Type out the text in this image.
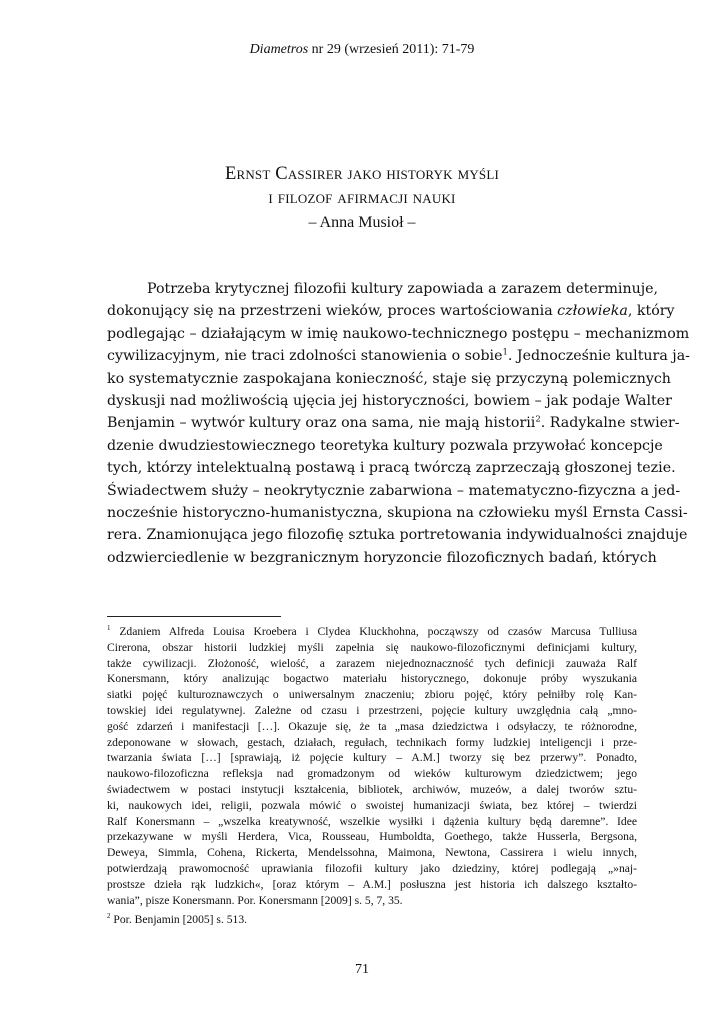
Diametros nr 29 (wrzesień 2011): 71-79
Ernst Cassirer jako historyk myśli
i filozof afirmacji nauki
– Anna Musioł –
Potrzeba krytycznej filozofii kultury zapowiada a zarazem determinuje,
dokonujący się na przestrzeni wieków, proces wartościowania człowieka, który
podlegając – działającym w imię naukowo-technicznego postępu – mechanizmom
cywilizacyjnym, nie traci zdolności stanowienia o sobie$^1$. Jednocześnie kultura ja-
ko systematycznie zaspokajana konieczność, staje się przyczyną polemicznych
dyskusji nad możliwością ujęcia jej historyczności, bowiem – jak podaje Walter
Benjamin – wytwór kultury oraz ona sama, nie mają historii$^2$. Radykalne stwier-
dzenie dwudziestowiecznego teoretyka kultury pozwala przywołać koncepcje
tych, którzy intelektualną postawą i pracą twórczą zaprzeczają głoszonej tezie.
Świadectwem służy – neokrytycznie zabarwiona – matematyczno-fizyczna a jed-
nocześnie historyczno-humanistyczna, skupiona na człowieku myśl Ernsta Cassi-
rera. Znamionująca jego filozofię sztuka portretowania indywidualności znajduje
odzwierciedlenie w bezgranicznym horyzoncie filozoficznych badań, których
$^1$ Zdaniem Alfreda Louisa Kroebera i Clydea Kluckhohna, począwszy od czasów Marcusa Tulliusa
Cirerona, obszar historii ludzkiej myśli zapełnia się naukowo-filozoficznymi definicjami kultury,
także cywilizacji. Złożoność, wielość, a zarazem niejednoznaczność tych definicji zauważa Ralf
Konersmann, który analizując bogactwo materiału historycznego, dokonuje próby wyszukania
siatki pojęć kulturoznawczych o uniwersalnym znaczeniu; zbioru pojęć, który pełniłby rolę Kan-
towskiej idei regulatywnej. Zależne od czasu i przestrzeni, pojęcie kultury uwzględnia całą „mno-
gość zdarzeń i manifestacji […]. Okazuje się, że ta „masa dziedzictwa i odsyłaczy, te różnorodne,
zdeponowane w słowach, gestach, działach, regułach, technikach formy ludzkiej inteligencji i prze-
twarzania świata […] [sprawiają, iż pojęcie kultury – A.M.] tworzy się bez przerwy”. Ponadto,
naukowo-filozoficzna refleksja nad gromadzonym od wieków kulturowym dziedzictwem; jego
świadectwem w postaci instytucji kształcenia, bibliotek, archiwów, muzeów, a dalej tworów sztu-
ki, naukowych idei, religii, pozwala mówić o swoistej humanizacji świata, bez której – twierdzi
Ralf Konersmann – „wszelka kreatywność, wszelkie wysiłki i dążenia kultury będą daremne”. Idee
przekazywane w myśli Herdera, Vica, Rousseau, Humboldta, Goethego, także Husserla, Bergsona,
Deweya, Simmla, Cohena, Rickerta, Mendelssohna, Maimona, Newtona, Cassirera i wielu innych,
potwierdzają prawomocność uprawiania filozofii kultury jako dziedziny, której podlegają „»naj-
prostsze dzieła rąk ludzkich«, [oraz którym – A.M.] posłuszna jest historia ich dalszego kształto-
wania”, pisze Konersmann. Por. Konersmann [2009] s. 5, 7, 35.
$^2$ Por. Benjamin [2005] s. 513.
71
